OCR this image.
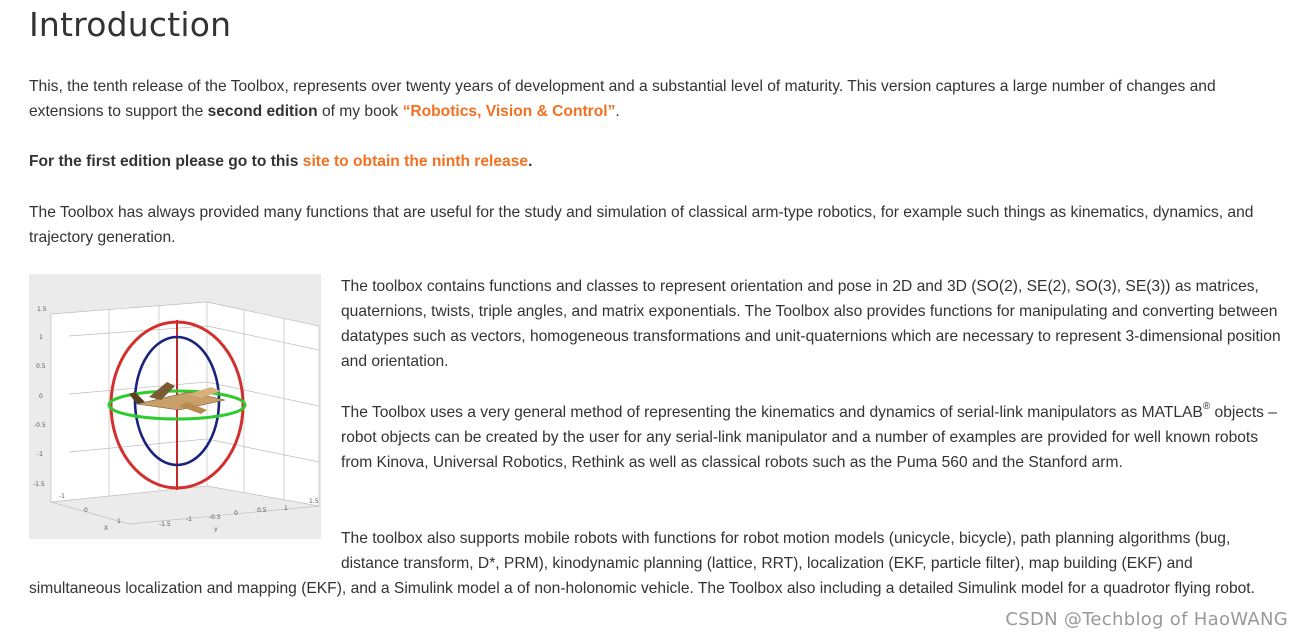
Introduction

This, the tenth release of the Toolbox, represents over twenty years of development and a substantial level of maturity. This version captures a large number of changes and extensions to support the second edition of my book “Robotics, Vision & Control”.

For the first edition please go to this site to obtain the ninth release.

The Toolbox has always provided many functions that are useful for the study and simulation of classical arm-type robotics, for example such things as kinematics, dynamics, and trajectory generation.

1.5
1
0.5
0
-0.5
-1
-1.5
-1
0
1	-1.5
-1	-0.5
0	0.5	1
1.5
X	Y

The toolbox contains functions and classes to represent orientation and pose in 2D and 3D (SO(2), SE(2), SO(3), SE(3)) as matrices, quaternions, twists, triple angles, and matrix exponentials. The Toolbox also provides functions for manipulating and converting between datatypes such as vectors, homogeneous transformations and unit-quaternions which are necessary to represent 3-dimensional position and orientation.

The Toolbox uses a very general method of representing the kinematics and dynamics of serial-link manipulators as MATLAB® objects – robot objects can be created by the user for any serial-link manipulator and a number of examples are provided for well known robots from Kinova, Universal Robotics, Rethink as well as classical robots such as the Puma 560 and the Stanford arm.

The toolbox also supports mobile robots with functions for robot motion models (unicycle, bicycle), path planning algorithms (bug, distance transform, D*, PRM), kinodynamic planning (lattice, RRT), localization (EKF, particle filter), map building (EKF) and

simultaneous localization and mapping (EKF), and a Simulink model a of non-holonomic vehicle. The Toolbox also including a detailed Simulink model for a quadrotor flying robot.

CSDN @Techblog of HaoWANG
